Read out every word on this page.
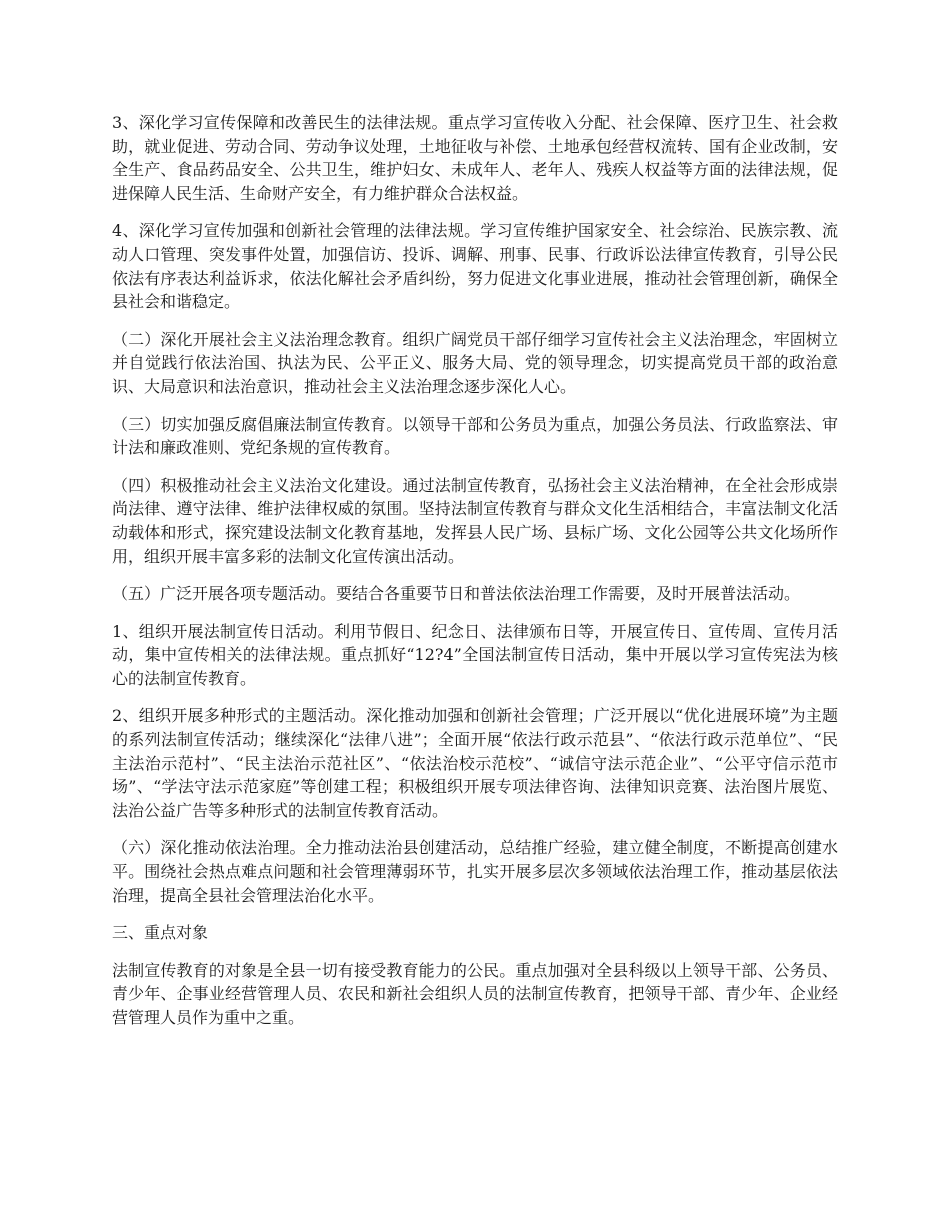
3、深化学习宣传保障和改善民生的法律法规。重点学习宣传收入分配、社会保障、医疗卫生、社会救助，就业促进、劳动合同、劳动争议处理，土地征收与补偿、土地承包经营权流转、国有企业改制，安全生产、食品药品安全、公共卫生，维护妇女、未成年人、老年人、残疾人权益等方面的法律法规，促进保障人民生活、生命财产安全，有力维护群众合法权益。

4、深化学习宣传加强和创新社会管理的法律法规。学习宣传维护国家安全、社会综治、民族宗教、流动人口管理、突发事件处置，加强信访、投诉、调解、刑事、民事、行政诉讼法律宣传教育，引导公民依法有序表达利益诉求，依法化解社会矛盾纠纷，努力促进文化事业进展，推动社会管理创新，确保全县社会和谐稳定。

（二）深化开展社会主义法治理念教育。组织广阔党员干部仔细学习宣传社会主义法治理念，牢固树立并自觉践行依法治国、执法为民、公平正义、服务大局、党的领导理念，切实提高党员干部的政治意识、大局意识和法治意识，推动社会主义法治理念逐步深化人心。

（三）切实加强反腐倡廉法制宣传教育。以领导干部和公务员为重点，加强公务员法、行政监察法、审计法和廉政准则、党纪条规的宣传教育。

（四）积极推动社会主义法治文化建设。通过法制宣传教育，弘扬社会主义法治精神，在全社会形成崇尚法律、遵守法律、维护法律权威的氛围。坚持法制宣传教育与群众文化生活相结合，丰富法制文化活动载体和形式，探究建设法制文化教育基地，发挥县人民广场、县标广场、文化公园等公共文化场所作用，组织开展丰富多彩的法制文化宣传演出活动。

（五）广泛开展各项专题活动。要结合各重要节日和普法依法治理工作需要，及时开展普法活动。

1、组织开展法制宣传日活动。利用节假日、纪念日、法律颁布日等，开展宣传日、宣传周、宣传月活动，集中宣传相关的法律法规。重点抓好“12?4”全国法制宣传日活动，集中开展以学习宣传宪法为核心的法制宣传教育。

2、组织开展多种形式的主题活动。深化推动加强和创新社会管理；广泛开展以“优化进展环境”为主题的系列法制宣传活动；继续深化“法律八进”；全面开展“依法行政示范县”、“依法行政示范单位”、“民主法治示范村”、“民主法治示范社区”、“依法治校示范校”、“诚信守法示范企业”、“公平守信示范市场”、“学法守法示范家庭”等创建工程；积极组织开展专项法律咨询、法律知识竞赛、法治图片展览、法治公益广告等多种形式的法制宣传教育活动。

（六）深化推动依法治理。全力推动法治县创建活动，总结推广经验，建立健全制度，不断提高创建水平。围绕社会热点难点问题和社会管理薄弱环节，扎实开展多层次多领域依法治理工作，推动基层依法治理，提高全县社会管理法治化水平。

三、重点对象

法制宣传教育的对象是全县一切有接受教育能力的公民。重点加强对全县科级以上领导干部、公务员、青少年、企事业经营管理人员、农民和新社会组织人员的法制宣传教育，把领导干部、青少年、企业经营管理人员作为重中之重。
